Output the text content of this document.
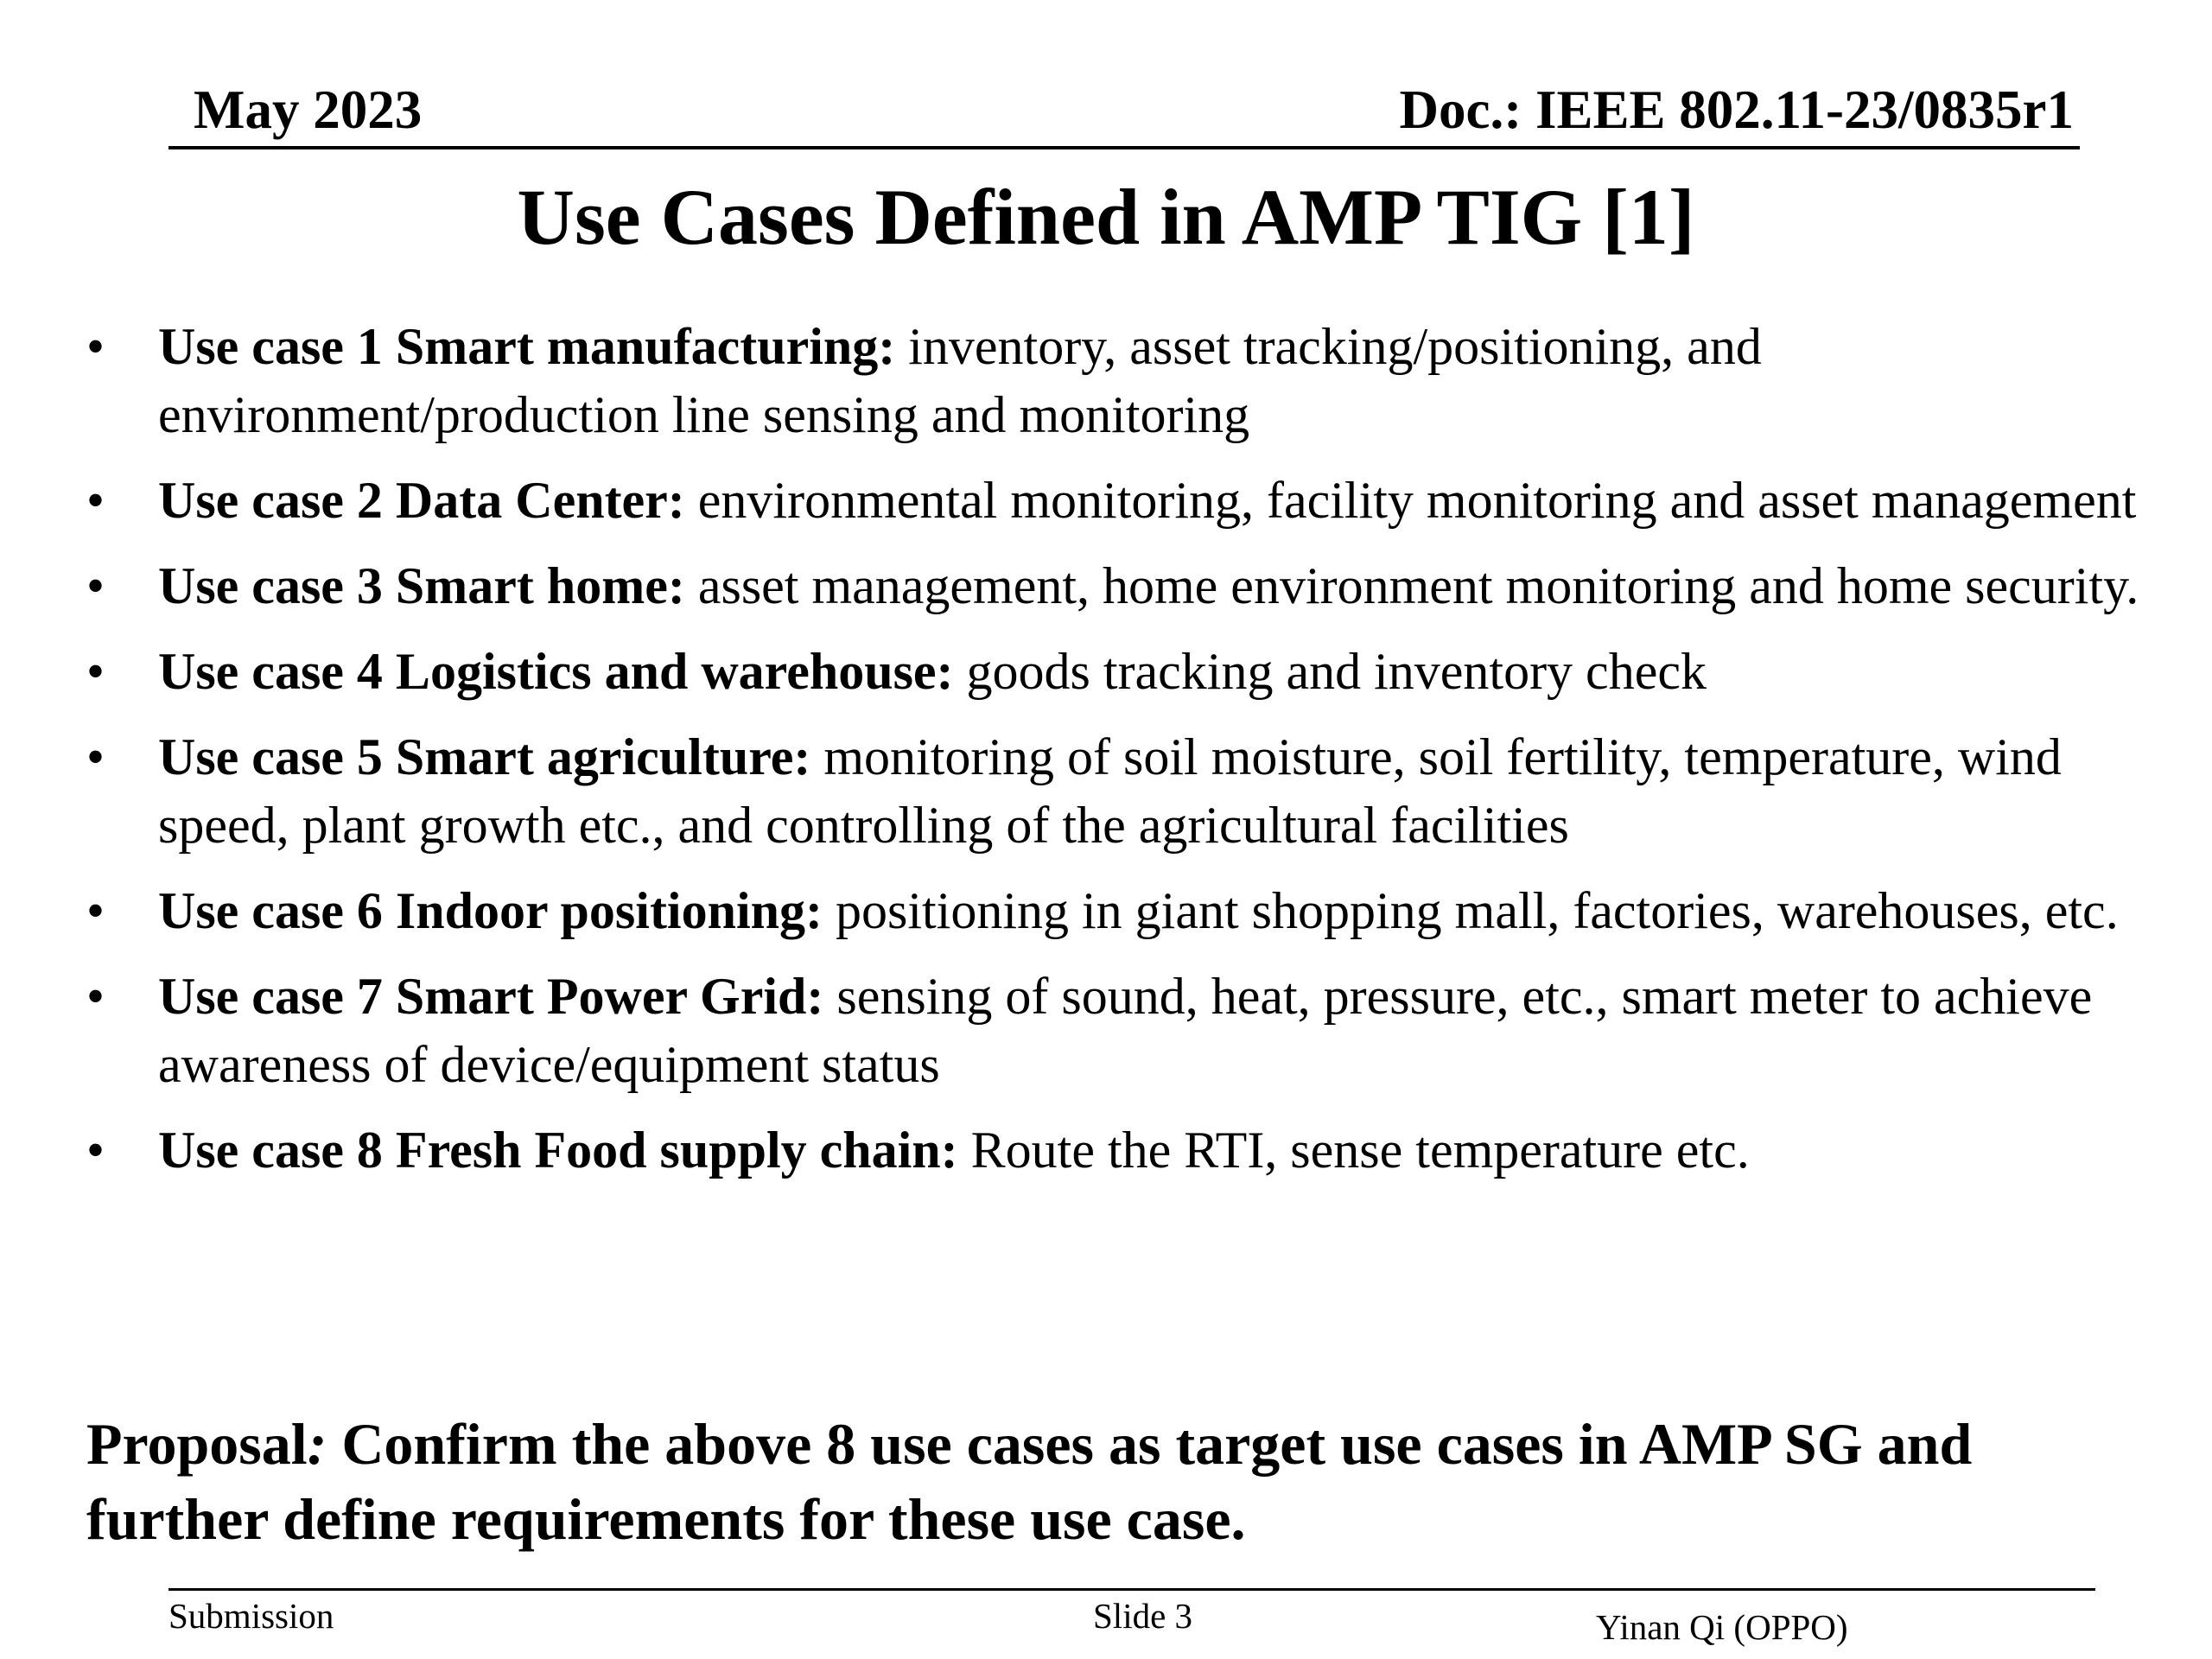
May 2023	Doc.: IEEE 802.11-23/0835r1
Use Cases Defined in AMP TIG [1]
• Use case 1 Smart manufacturing: inventory, asset tracking/positioning, and environment/production line sensing and monitoring
• Use case 2 Data Center: environmental monitoring, facility monitoring and asset management
• Use case 3 Smart home: asset management, home environment monitoring and home security.
• Use case 4 Logistics and warehouse: goods tracking and inventory check
• Use case 5 Smart agriculture: monitoring of soil moisture, soil fertility, temperature, wind speed, plant growth etc., and controlling of the agricultural facilities
• Use case 6 Indoor positioning: positioning in giant shopping mall, factories, warehouses, etc.
• Use case 7 Smart Power Grid: sensing of sound, heat, pressure, etc., smart meter to achieve awareness of device/equipment status
• Use case 8 Fresh Food supply chain: Route the RTI, sense temperature etc.

Proposal: Confirm the above 8 use cases as target use cases in AMP SG and further define requirements for these use case.

Submission	Slide 3	Yinan Qi (OPPO)
